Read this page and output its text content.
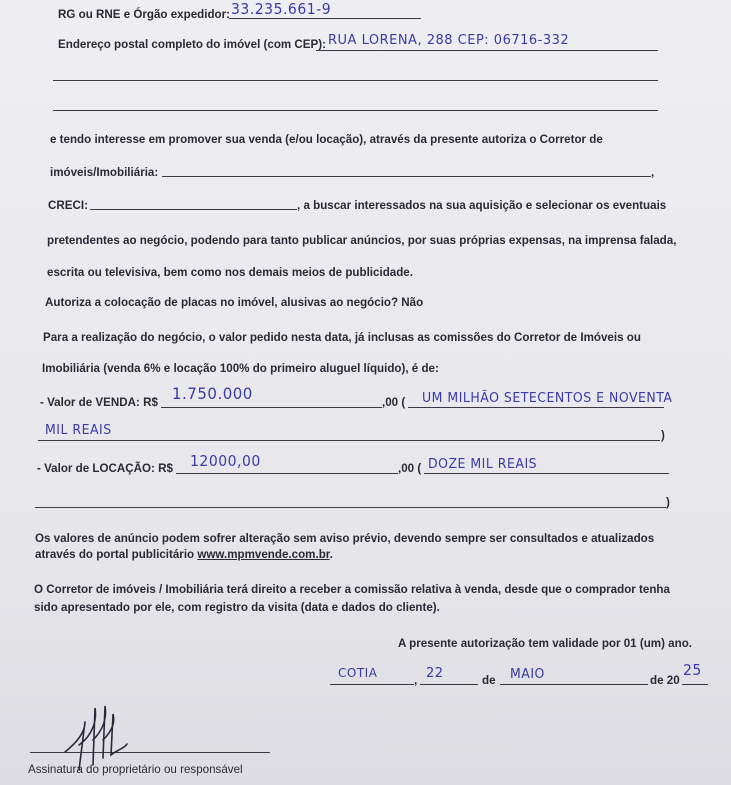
RG ou RNE e Órgão expedidor: 33.235.661-9
Endereço postal completo do imóvel (com CEP): RUA LORENA, 288 CEP: 06716-332
e tendo interesse em promover sua venda (e/ou locação), através da presente autoriza o Corretor de
imóveis/Imobiliária:	,
CRECI:	, a buscar interessados na sua aquisição e selecionar os eventuais
pretendentes ao negócio, podendo para tanto publicar anúncios, por suas próprias expensas, na imprensa falada,
escrita ou televisiva, bem como nos demais meios de publicidade.
Autoriza a colocação de placas no imóvel, alusivas ao negócio? Não
Para a realização do negócio, o valor pedido nesta data, já inclusas as comissões do Corretor de Imóveis ou
Imobiliária (venda 6% e locação 100% do primeiro aluguel líquido), é de:
- Valor de VENDA: R$ 1.750.000	,00 ( UM MILHÃO SETECENTOS E NOVENTA
MIL REAIS	)
- Valor de LOCAÇÃO: R$ 12000,00	,00 ( DOZE MIL REAIS
)
Os valores de anúncio podem sofrer alteração sem aviso prévio, devendo sempre ser consultados e atualizados
através do portal publicitário www.mpmvende.com.br.
O Corretor de imóveis / Imobiliária terá direito a receber a comissão relativa à venda, desde que o comprador tenha
sido apresentado por ele, com registro da visita (data e dados do cliente).
A presente autorização tem validade por 01 (um) ano.
COTIA
, 22	de MAIO	de 20
25
Assinatura do proprietário ou responsável
